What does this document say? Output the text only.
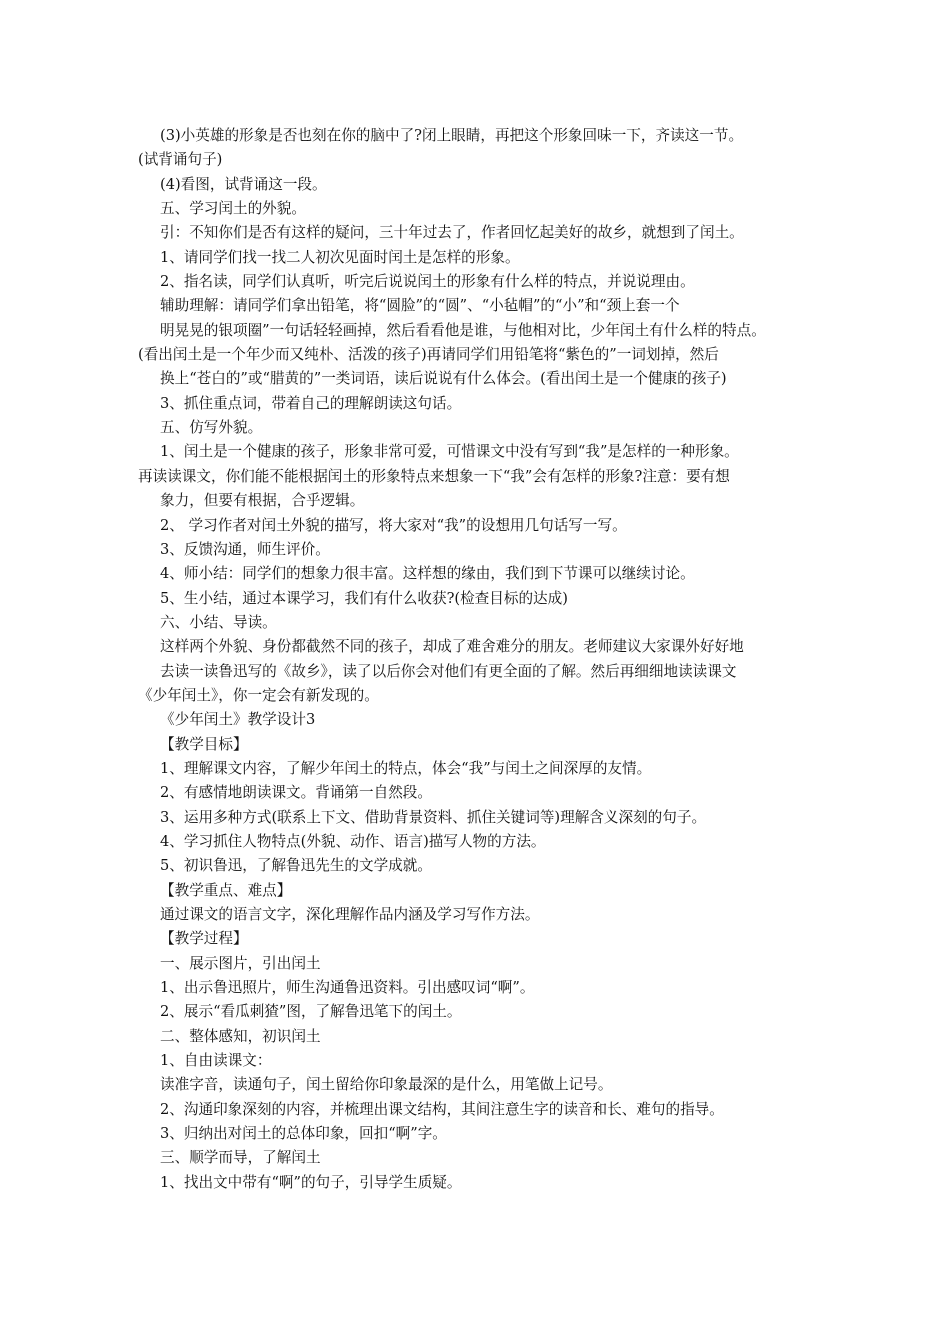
(3)小英雄的形象是否也刻在你的脑中了?闭上眼睛，再把这个形象回味一下，齐读这一节。
(试背诵句子)
(4)看图，试背诵这一段。
五、学习闰土的外貌。
引：不知你们是否有这样的疑问，三十年过去了，作者回忆起美好的故乡，就想到了闰土。
1、请同学们找一找二人初次见面时闰土是怎样的形象。
2、指名读，同学们认真听，听完后说说闰土的形象有什么样的特点，并说说理由。
辅助理解：请同学们拿出铅笔，将“圆脸”的“圆”、“小毡帽”的“小”和“颈上套一个
明晃晃的银项圈”一句话轻轻画掉，然后看看他是谁，与他相对比，少年闰土有什么样的特点。
(看出闰土是一个年少而又纯朴、活泼的孩子)再请同学们用铅笔将“紫色的”一词划掉，然后
换上“苍白的”或“腊黄的”一类词语，读后说说有什么体会。(看出闰土是一个健康的孩子)
3、抓住重点词，带着自己的理解朗读这句话。
五、仿写外貌。
1、闰土是一个健康的孩子，形象非常可爱，可惜课文中没有写到“我”是怎样的一种形象。
再读读课文，你们能不能根据闰土的形象特点来想象一下“我”会有怎样的形象?注意：要有想
象力，但要有根据，合乎逻辑。
2、 学习作者对闰土外貌的描写，将大家对“我”的设想用几句话写一写。
3、反馈沟通，师生评价。
4、师小结：同学们的想象力很丰富。这样想的缘由，我们到下节课可以继续讨论。
5、生小结，通过本课学习，我们有什么收获?(检查目标的达成)
六、小结、导读。
这样两个外貌、身份都截然不同的孩子，却成了难舍难分的朋友。老师建议大家课外好好地
去读一读鲁迅写的《故乡》，读了以后你会对他们有更全面的了解。然后再细细地读读课文
《少年闰土》，你一定会有新发现的。
《少年闰土》教学设计3
【教学目标】
1、理解课文内容，了解少年闰土的特点，体会“我”与闰土之间深厚的友情。
2、有感情地朗读课文。背诵第一自然段。
3、运用多种方式(联系上下文、借助背景资料、抓住关键词等)理解含义深刻的句子。
4、学习抓住人物特点(外貌、动作、语言)描写人物的方法。
5、初识鲁迅，了解鲁迅先生的文学成就。
【教学重点、难点】
通过课文的语言文字，深化理解作品内涵及学习写作方法。
【教学过程】
一、展示图片，引出闰土
1、出示鲁迅照片，师生沟通鲁迅资料。引出感叹词“啊”。
2、展示“看瓜刺猹”图，了解鲁迅笔下的闰土。
二、整体感知，初识闰土
1、自由读课文：
读准字音，读通句子，闰土留给你印象最深的是什么，用笔做上记号。
2、沟通印象深刻的内容，并梳理出课文结构，其间注意生字的读音和长、难句的指导。
3、归纳出对闰土的总体印象，回扣“啊”字。
三、顺学而导，了解闰土
1、找出文中带有“啊”的句子，引导学生质疑。
